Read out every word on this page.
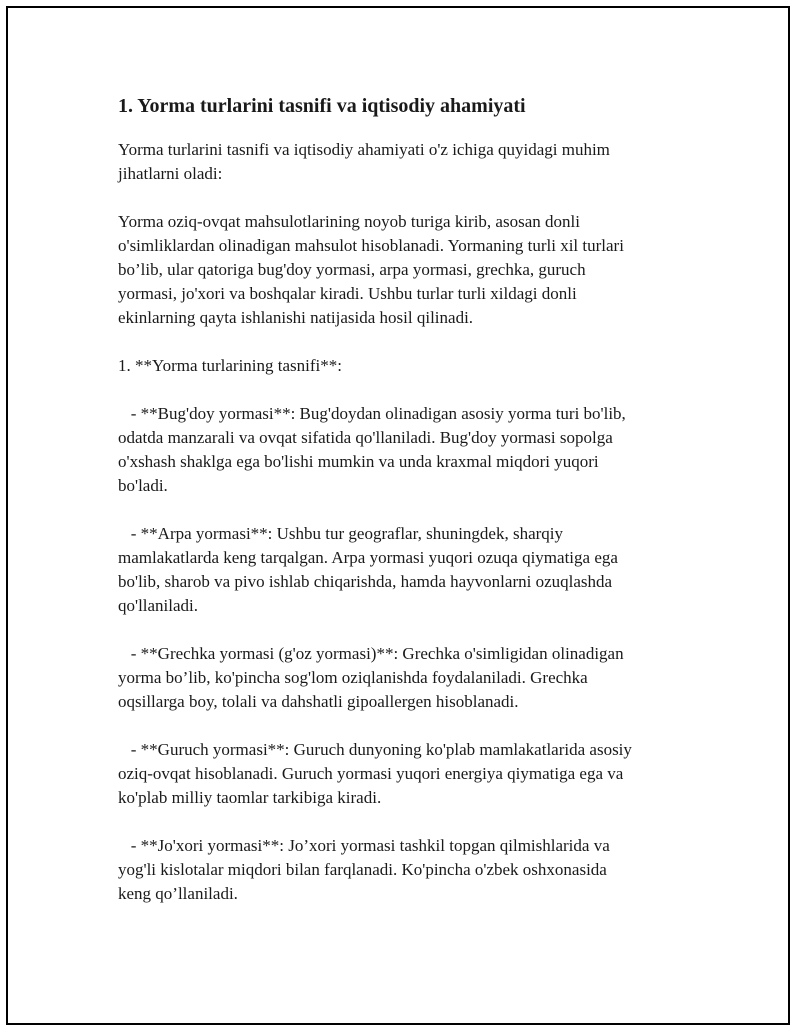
1. Yorma turlarini tasnifi va iqtisodiy ahamiyati

Yorma turlarini tasnifi va iqtisodiy ahamiyati o'z ichiga quyidagi muhim
jihatlarni oladi:

Yorma oziq-ovqat mahsulotlarining noyob turiga kirib, asosan donli
o'simliklardan olinadigan mahsulot hisoblanadi. Yormaning turli xil turlari
bo’lib, ular qatoriga bug'doy yormasi, arpa yormasi, grechka, guruch
yormasi, jo'xori va boshqalar kiradi. Ushbu turlar turli xildagi donli
ekinlarning qayta ishlanishi natijasida hosil qilinadi.

1. **Yorma turlarining tasnifi**:

- **Bug'doy yormasi**: Bug'doydan olinadigan asosiy yorma turi bo'lib,
odatda manzarali va ovqat sifatida qo'llaniladi. Bug'doy yormasi sopolga
o'xshash shaklga ega bo'lishi mumkin va unda kraxmal miqdori yuqori
bo'ladi.

- **Arpa yormasi**: Ushbu tur geograflar, shuningdek, sharqiy
mamlakatlarda keng tarqalgan. Arpa yormasi yuqori ozuqa qiymatiga ega
bo'lib, sharob va pivo ishlab chiqarishda, hamda hayvonlarni ozuqlashda
qo'llaniladi.

- **Grechka yormasi (g'oz yormasi)**: Grechka o'simligidan olinadigan
yorma bo’lib, ko'pincha sog'lom oziqlanishda foydalaniladi. Grechka
oqsillarga boy, tolali va dahshatli gipoallergen hisoblanadi.

- **Guruch yormasi**: Guruch dunyoning ko'plab mamlakatlarida asosiy
oziq-ovqat hisoblanadi. Guruch yormasi yuqori energiya qiymatiga ega va
ko'plab milliy taomlar tarkibiga kiradi.

- **Jo'xori yormasi**: Jo’xori yormasi tashkil topgan qilmishlarida va
yog'li kislotalar miqdori bilan farqlanadi. Ko'pincha o'zbek oshxonasida
keng qo’llaniladi.
